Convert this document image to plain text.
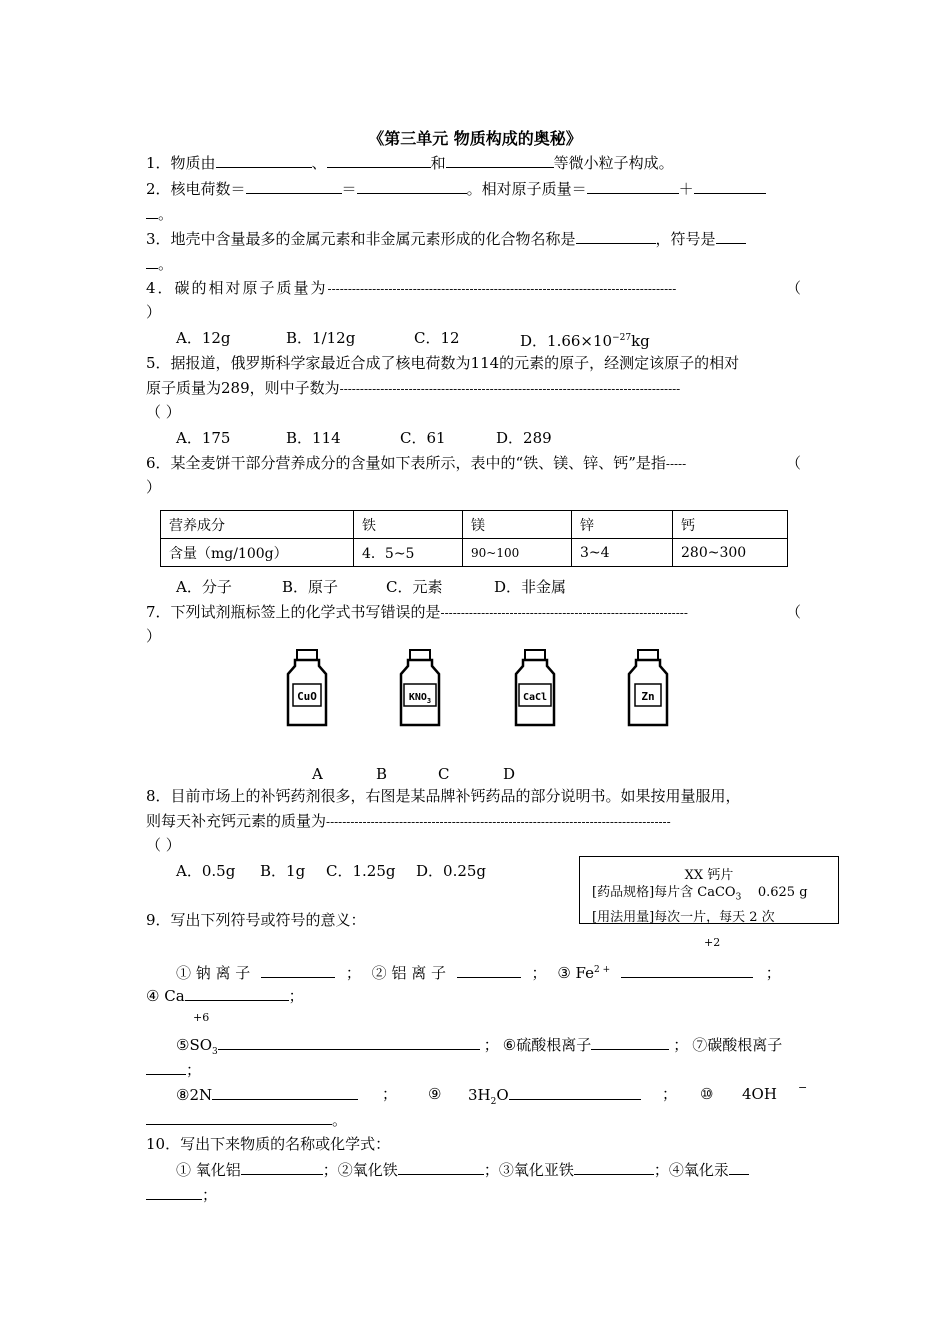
《第三单元 物质构成的奥秘》
1．物质由	、	和	等微小粒子构成。
2．核电荷数＝	＝	。相对原子质量＝	＋
。
3．地壳中含量最多的金属元素和非金属元素形成的化合物名称是	，符号是
。
4．碳的相对原子质量为--------------------------------------------------------------------------------------	（
）
A．12g	B．1/12g	C．12	D．$1.66\times 10^{-27}kg$
5．据报道，俄罗斯科学家最近合成了核电荷数为114的元素的原子，经测定该原子的相对
原子质量为289，则中子数为------------------------------------------------------------------------------------
（ ）
A．175	B．114	C．61	D．289
6．某全麦饼干部分营养成分的含量如下表所示，表中的“铁、镁、锌、钙”是指-----	（
）
营养成分	铁	镁	锌	钙
含量（mg/100g）	4．5~5	90~100	3~4	280~300
A．分子	B．原子	C．元素	D．非金属
7．下列试剂瓶标签上的化学式书写错误的是-------------------------------------------------------------	（
）
CuO	$KNO_3$	CaCl	Zn
A	B	C	D
8．目前市场上的补钙药剂很多，右图是某品牌补钙药品的部分说明书。如果按用量服用，
则每天补充钙元素的质量为-------------------------------------------------------------------------------------
（ ）
A．0.5g B．1g C．1.25g D．0.25g	XX 钙片
[药品规格]每片含 CaCO$_3$    0.625 g
[用法用量]每次一片，每天 2 次
9．写出下列符号或符号的意义：
+2
① 钠 离 子	； ② 铝 离 子	； ③ $Fe^{2 +}$	；
④ Ca	；
+6
$⑤SO_3$	； ⑥硫酸根离子	； ⑦碳酸根离子
；
⑧2N	； ⑨ $3H_2O$	； ⑩ 4OH −
。
10．写出下来物质的名称或化学式：
① 氧化铝	；②氧化铁	；③氧化亚铁	；④氧化汞
；
